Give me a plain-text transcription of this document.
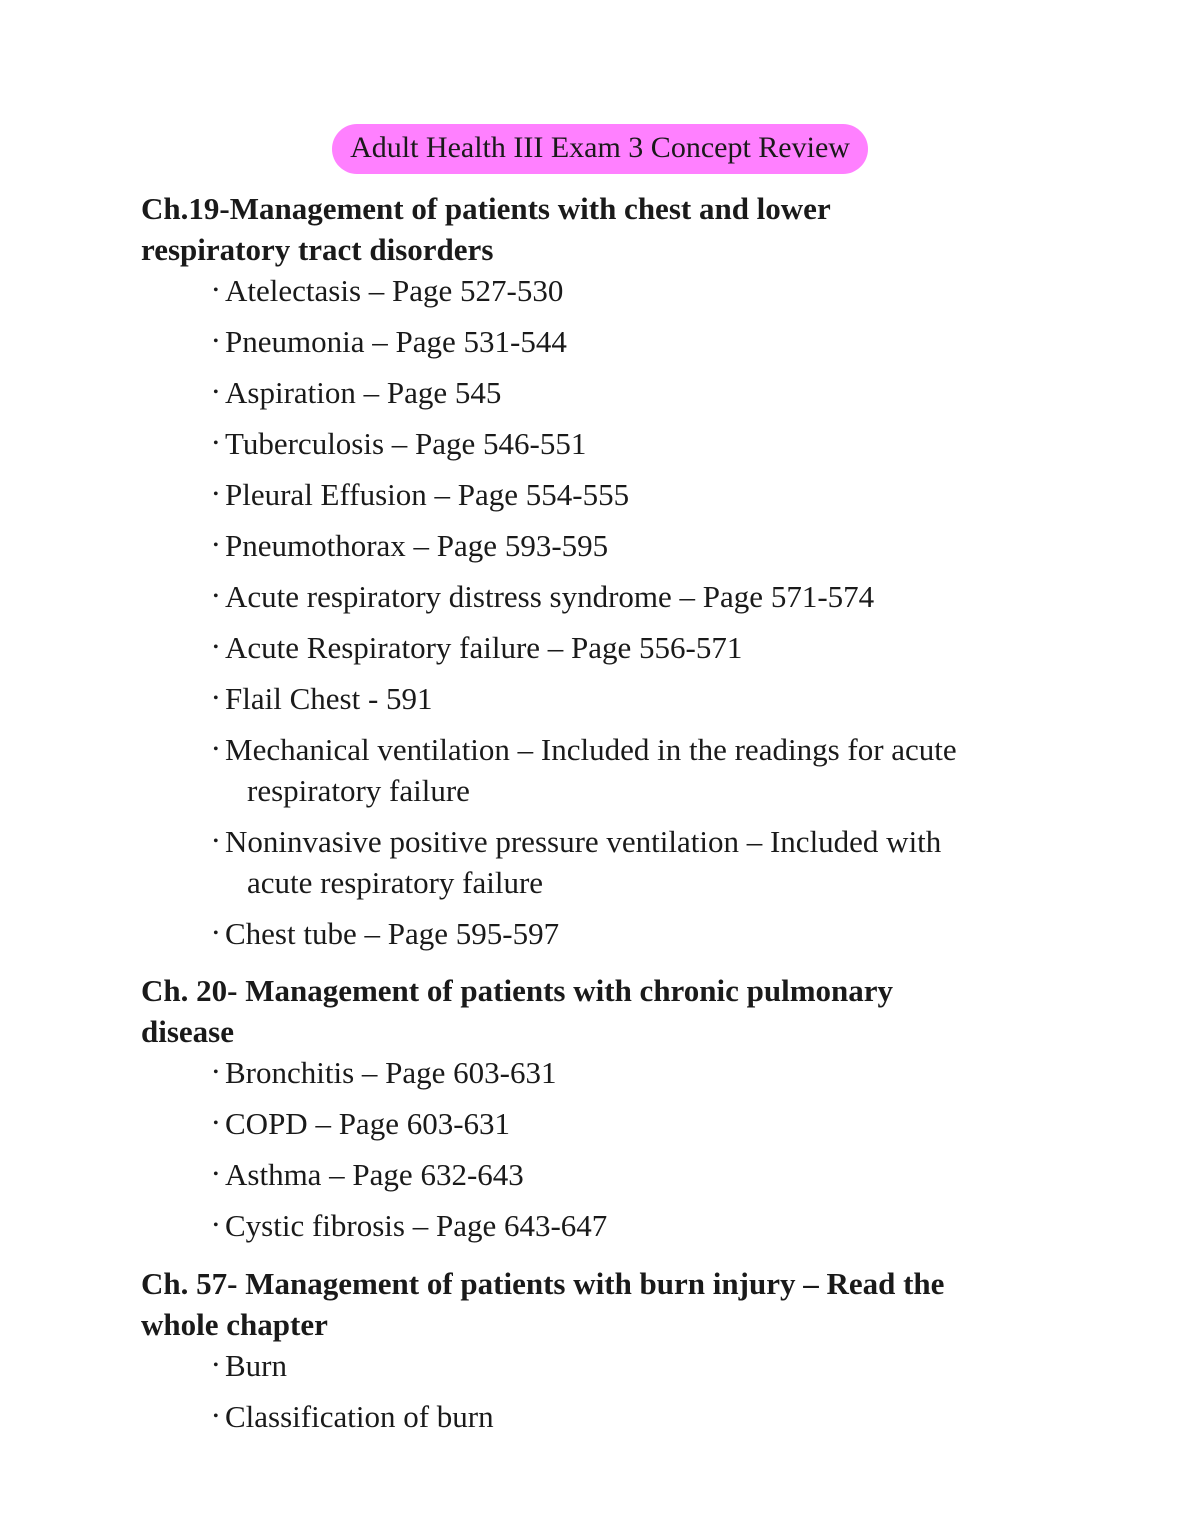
Adult Health III Exam 3 Concept Review

Ch.19-Management of patients with chest and lower
respiratory tract disorders

• Atelectasis – Page 527-530
• Pneumonia – Page 531-544
• Aspiration – Page 545
• Tuberculosis – Page 546-551
• Pleural Effusion – Page 554-555
• Pneumothorax – Page 593-595
• Acute respiratory distress syndrome – Page 571-574
• Acute Respiratory failure – Page 556-571
• Flail Chest - 591
• Mechanical ventilation – Included in the readings for acute
respiratory failure
• Noninvasive positive pressure ventilation – Included with
acute respiratory failure
• Chest tube – Page 595-597

Ch. 20- Management of patients with chronic pulmonary
disease

• Bronchitis – Page 603-631
• COPD – Page 603-631
• Asthma – Page 632-643
• Cystic fibrosis – Page 643-647

Ch. 57- Management of patients with burn injury – Read the
whole chapter

• Burn
• Classification of burn
